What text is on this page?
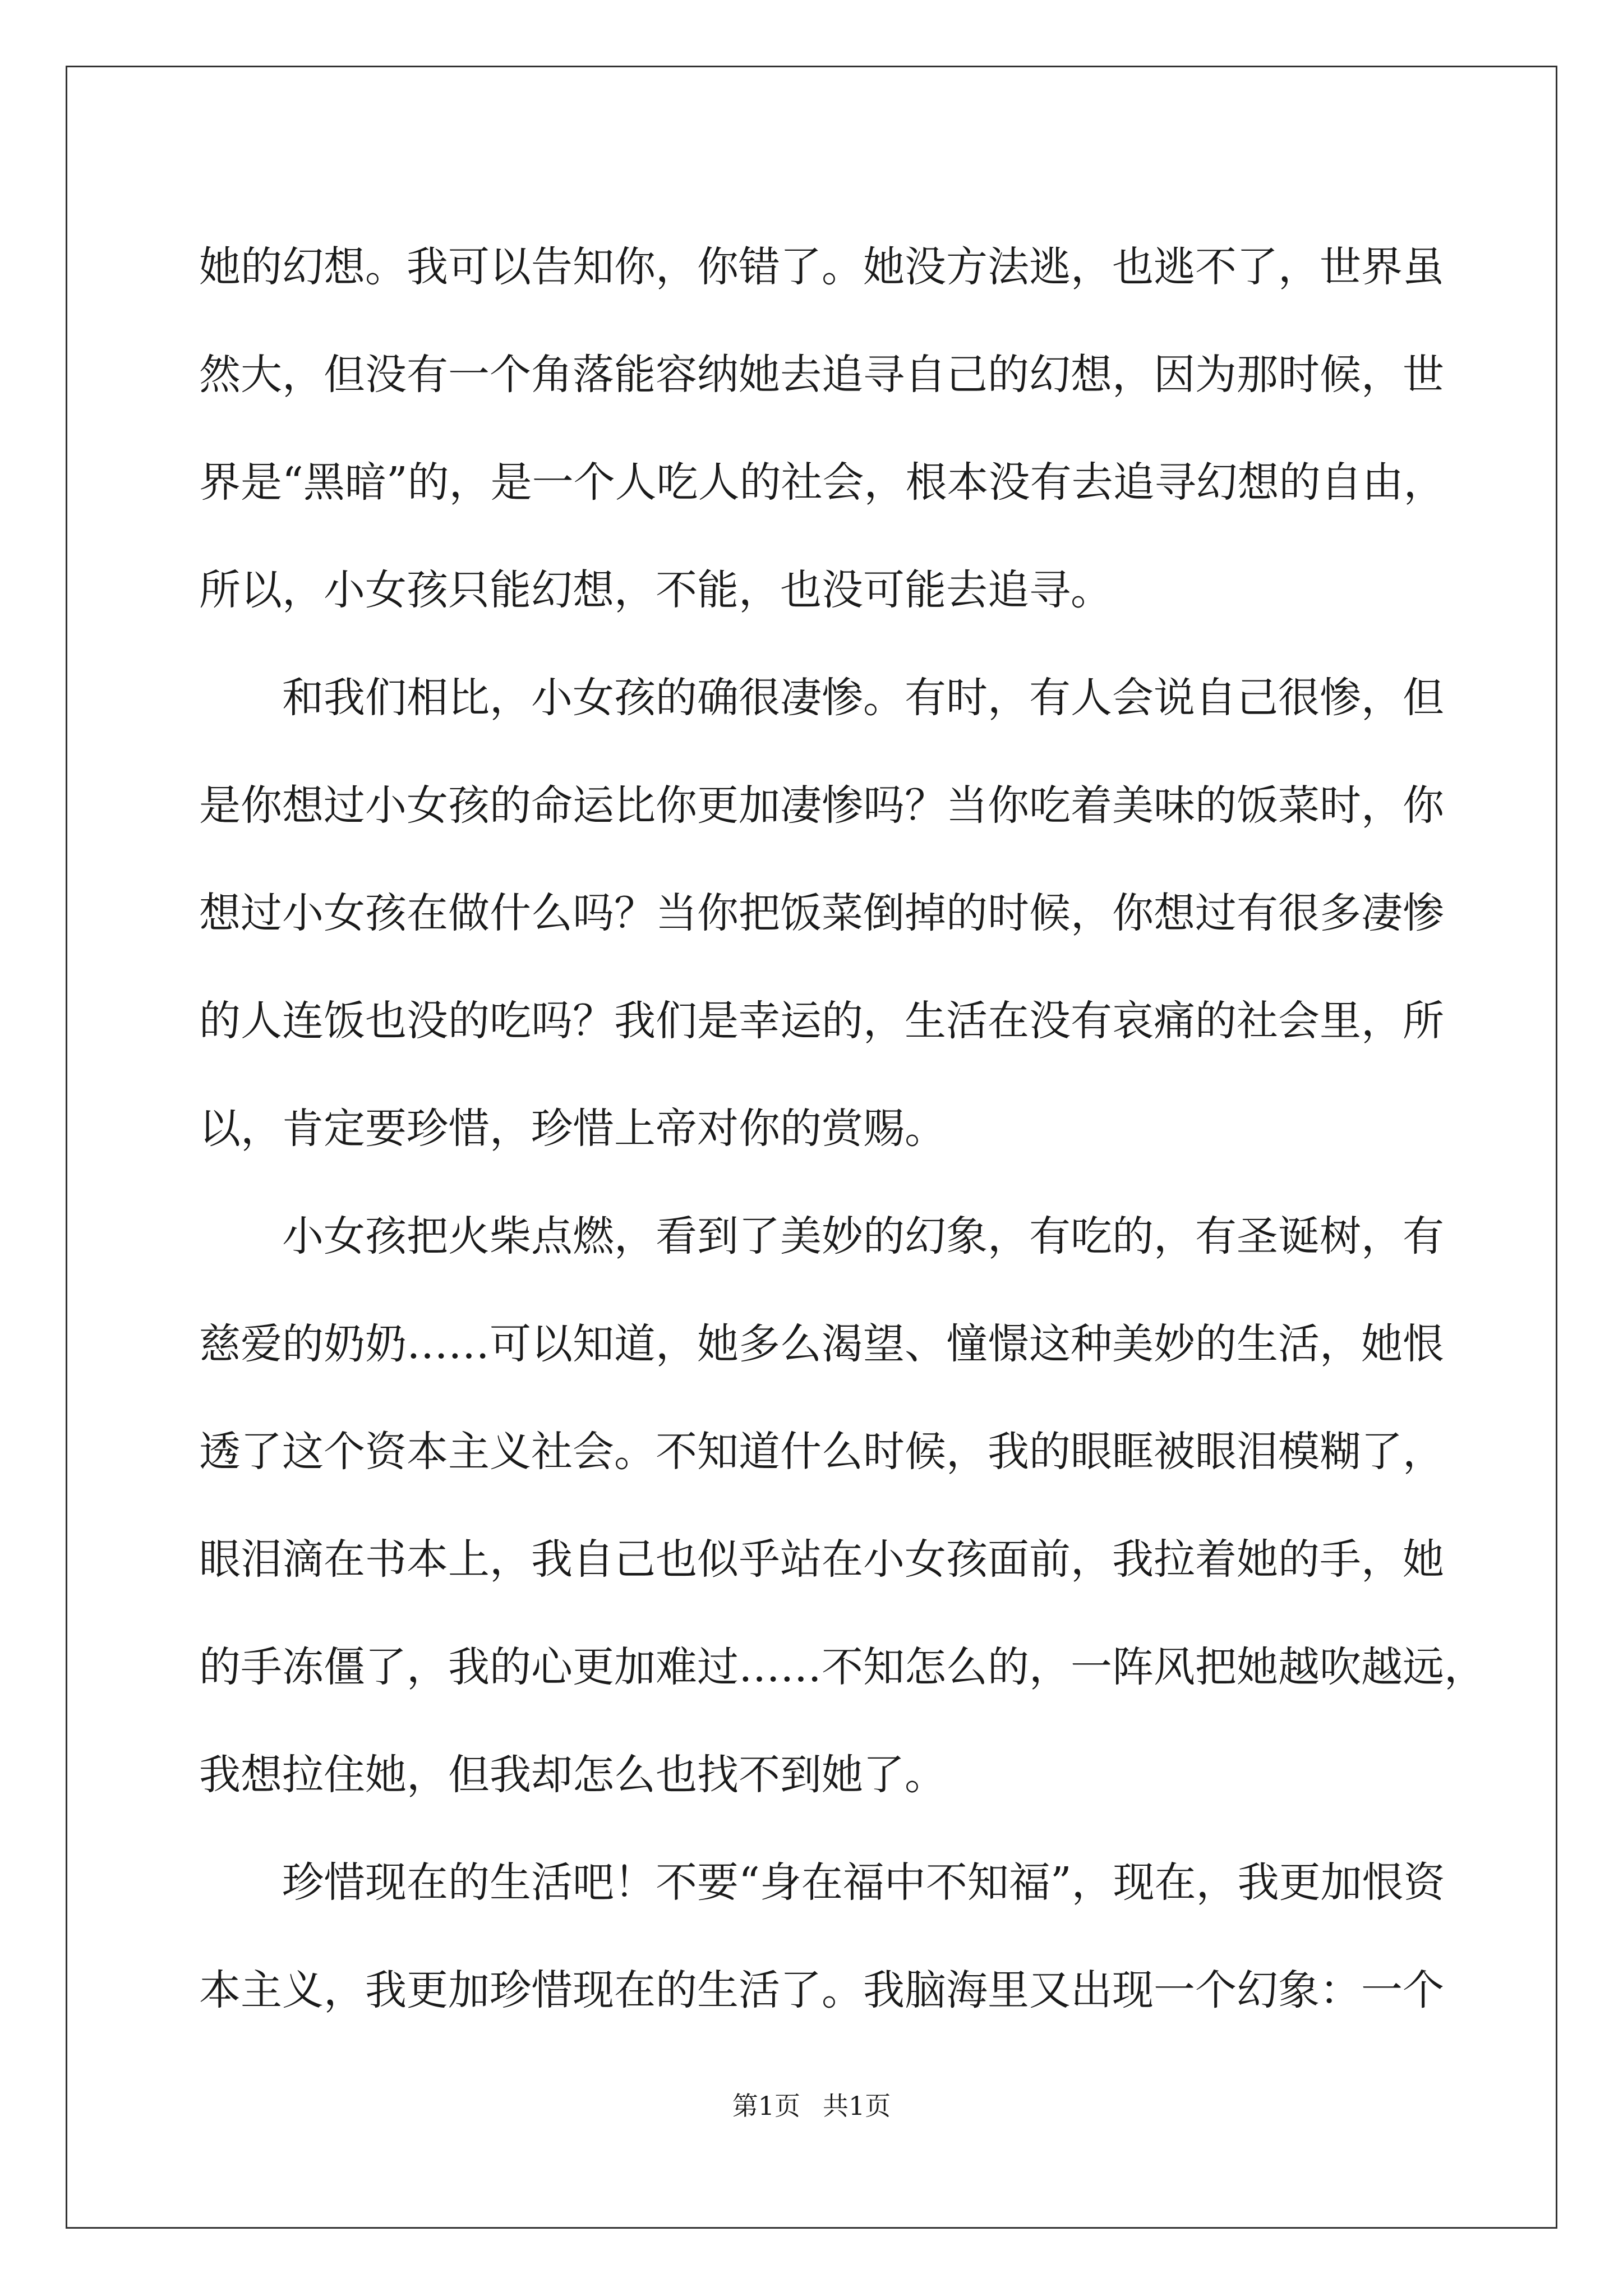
她的幻想。我可以告知你，你错了。她没方法逃，也逃不了，世界虽
然大，但没有一个角落能容纳她去追寻自己的幻想，因为那时候，世
界是“黑暗”的，是一个人吃人的社会，根本没有去追寻幻想的自由，
所以，小女孩只能幻想，不能，也没可能去追寻。

和我们相比，小女孩的确很凄惨。有时，有人会说自己很惨，但
是你想过小女孩的命运比你更加凄惨吗？当你吃着美味的饭菜时，你
想过小女孩在做什么吗？当你把饭菜倒掉的时候，你想过有很多凄惨
的人连饭也没的吃吗？我们是幸运的，生活在没有哀痛的社会里，所
以，肯定要珍惜，珍惜上帝对你的赏赐。

小女孩把火柴点燃，看到了美妙的幻象，有吃的，有圣诞树，有
慈爱的奶奶……可以知道，她多么渴望、憧憬这种美妙的生活，她恨
透了这个资本主义社会。不知道什么时候，我的眼眶被眼泪模糊了，
眼泪滴在书本上，我自己也似乎站在小女孩面前，我拉着她的手，她
的手冻僵了，我的心更加难过……不知怎么的，一阵风把她越吹越远，
我想拉住她，但我却怎么也找不到她了。

珍惜现在的生活吧！不要“身在福中不知福”，现在，我更加恨资
本主义，我更加珍惜现在的生活了。我脑海里又出现一个幻象：一个

第1页 共1页
